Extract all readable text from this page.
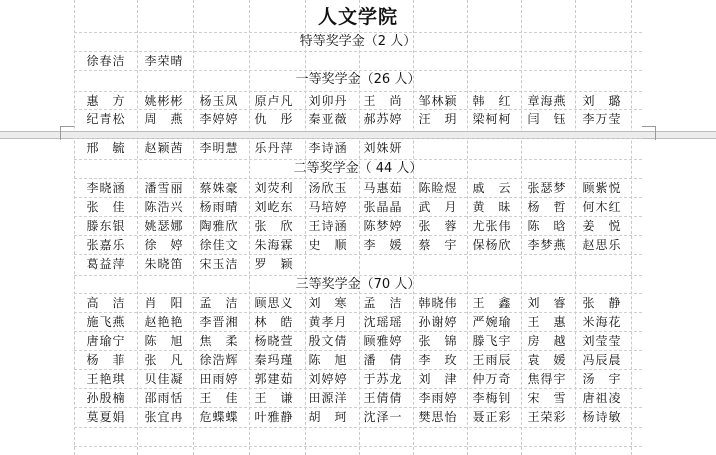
人文学院
特等奖学金（2 人）
徐春洁	李荣晴
一等奖学金（26 人）
惠　方	姚彬彬	杨玉凤	原卢凡	刘卯丹	王　尚	邹林颖	韩　红	章海燕	刘　璐
纪青松	周　燕	李婷婷	仇　彤	秦亚薇	郝苏婷	汪　玥	梁柯柯	闫　钰	李万莹
邢　毓	赵颖茜	李明慧	乐丹萍	李诗涵	刘姝妍
二等奖学金（ 44 人）
李晓涵	潘雪丽	蔡姝豪	刘荧利	汤欣玉	马惠茹	陈睑煜	戚　云	张瑟梦	顾紫悦
张　佳	陈浩兴	杨雨晴	刘屹东	马培婷	张晶晶	武　月	黄　昧	杨　哲	何木红
滕东银	姚瑟娜	陶雅欣	张　欣	王诗涵	陈梦婷	张　蓉	尤张伟	陈　晗	姜　悦
张嘉乐	徐　婷	徐佳文	朱海霖	史　顺	李　媛	蔡　宇	保杨欣	李梦燕	赵思乐
葛益萍	朱晓笛	宋玉洁	罗　颖
三等奖学金（70 人）
高　洁	肖　阳	孟　洁	顾思义	刘　寒	孟　洁	韩晓伟	王　鑫	刘　睿	张　静
施飞燕	赵艳艳	李晋湘	林　皓	黄孝月	沈瑶瑶	孙谢婷	严婉瑜	王　惠	米海花
唐瑜宁	陈　旭	焦　柔	杨晓萱	殷文倩	顾雅婷	张　锦	滕飞宇	房　越	刘莹莹
杨　菲	张　凡	徐浩辉	秦玛瑾	陈　旭	潘　倩	李　玫	王雨辰	袁　媛	冯辰晨
王艳琪	贝佳凝	田雨婷	郭建茹	刘婷婷	于苏龙	刘　津	仲万奇	焦得宇	汤　宇
孙殷楠	邵雨恬	王　佳	王　谦	田源洋	王倩倩	李雨婷	李梅钊	宋　雪	唐祖凌
莫夏娟	张宜冉	危蝶蝶	叶雅静	胡　珂	沈泽一	樊思怡	聂正彩	王荣彩	杨诗敏
